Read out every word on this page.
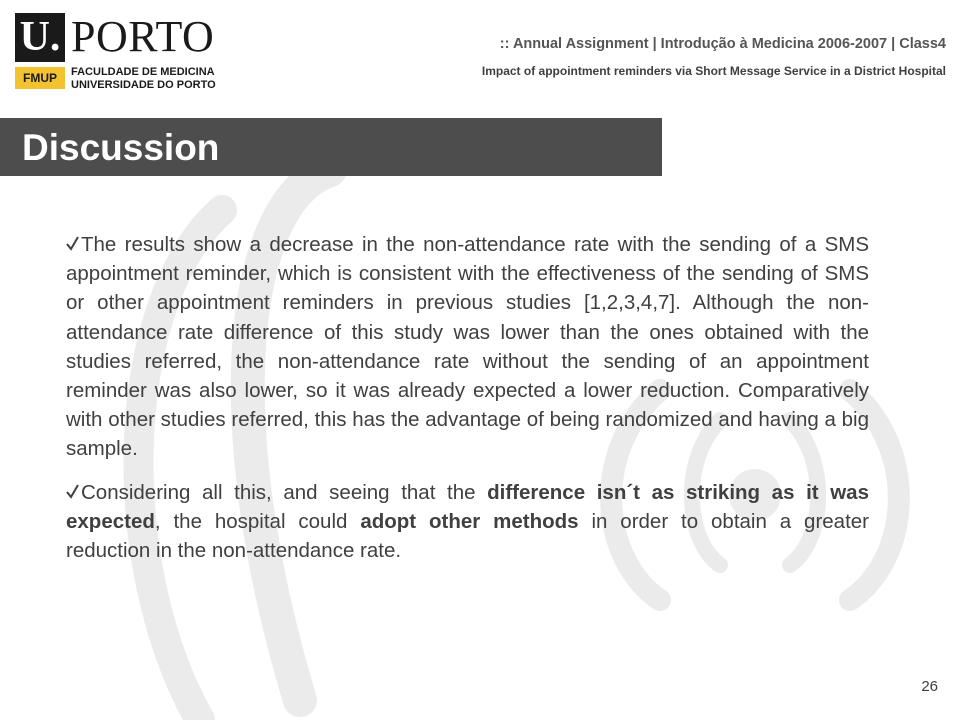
U. PORTO
FMUP	FACULDADE DE MEDICINA
UNIVERSIDADE DO PORTO
:: Annual Assignment | Introdução à Medicina 2006-2007 | Class4
Impact of appointment reminders via Short Message Service in a District Hospital
Discussion

The results show a decrease in the non-attendance rate with the sending of a SMS appointment reminder, which is consistent with the effectiveness of the sending of SMS or other appointment reminders in previous studies [1,2,3,4,7]. Although the non-attendance rate difference of this study was lower than the ones obtained with the studies referred, the non-attendance rate without the sending of an appointment reminder was also lower, so it was already expected a lower reduction. Comparatively with other studies referred, this has the advantage of being randomized and having a big sample.

Considering all this, and seeing that the difference isn´t as striking as it was expected, the hospital could adopt other methods in order to obtain a greater reduction in the non-attendance rate.

26
